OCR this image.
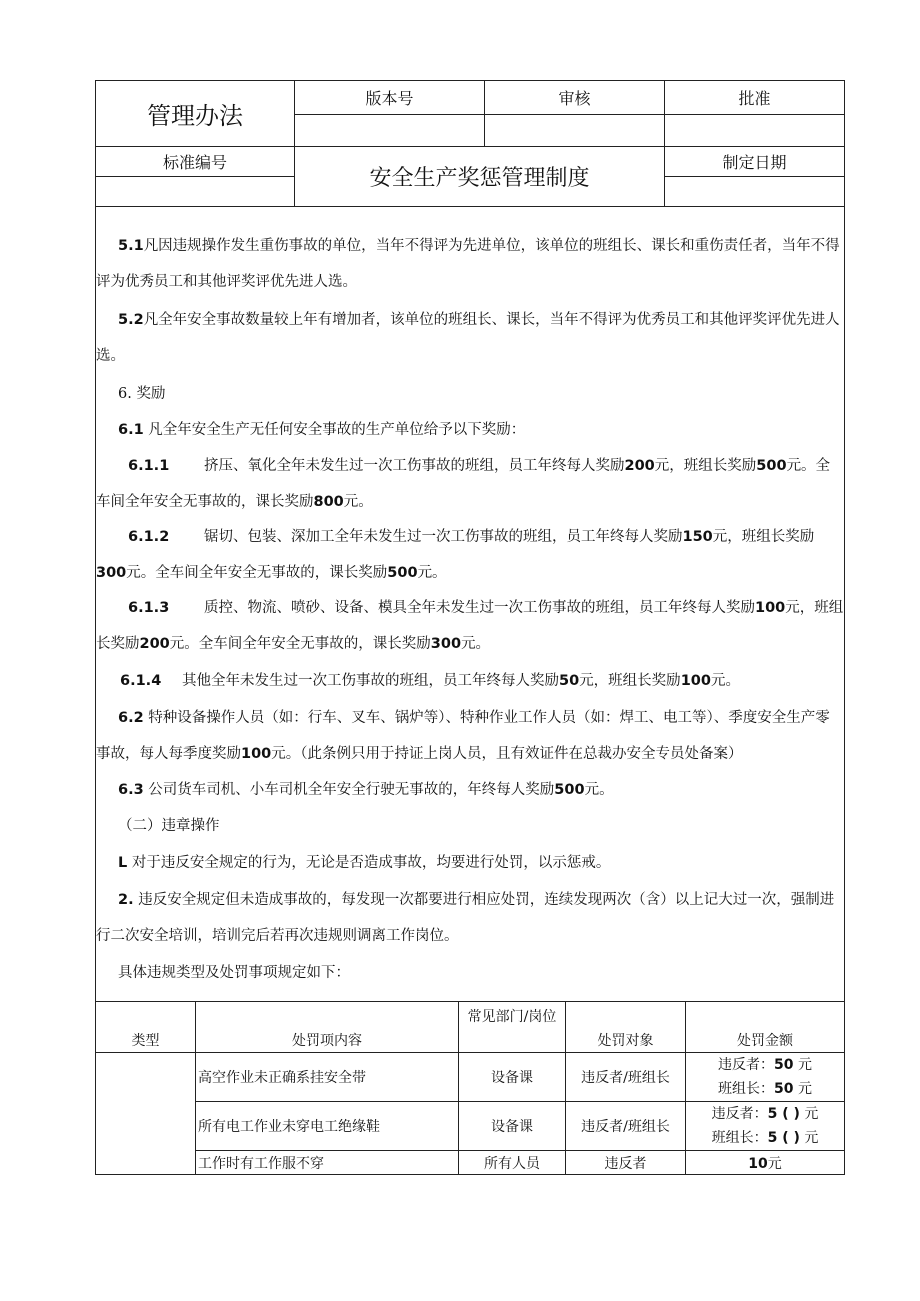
管理办法	版本号	审核	批准

标准编号	安全生产奖惩管理制度		制定日期

5.1凡因违规操作发生重伤事故的单位，当年不得评为先进单位，该单位的班组长、课长和重伤责任者，当年不得评为优秀员工和其他评奖评优先进人选。
5.2凡全年安全事故数量较上年有增加者，该单位的班组长、课长，当年不得评为优秀员工和其他评奖评优先进人选。
6. 奖励
6.1 凡全年安全生产无任何安全事故的生产单位给予以下奖励：
6.1.1 挤压、氧化全年未发生过一次工伤事故的班组，员工年终每人奖励200元，班组长奖励500元。全车间全年安全无事故的，课长奖励800元。
6.1.2 锯切、包装、深加工全年未发生过一次工伤事故的班组，员工年终每人奖励150元，班组长奖励300元。全车间全年安全无事故的，课长奖励500元。
6.1.3 质控、物流、喷砂、设备、模具全年未发生过一次工伤事故的班组，员工年终每人奖励100元，班组长奖励200元。全车间全年安全无事故的，课长奖励300元。
6.1.4 其他全年未发生过一次工伤事故的班组，员工年终每人奖励50元，班组长奖励100元。
6.2 特种设备操作人员（如：行车、叉车、锅炉等）、特种作业工作人员（如：焊工、电工等）、季度安全生产零事故，每人每季度奖励100元。（此条例只用于持证上岗人员，且有效证件在总裁办安全专员处备案）
6.3 公司货车司机、小车司机全年安全行驶无事故的，年终每人奖励500元。
（二）违章操作
L 对于违反安全规定的行为，无论是否造成事故，均要进行处罚，以示惩戒。
2. 违反安全规定但未造成事故的，每发现一次都要进行相应处罚，连续发现两次（含）以上记大过一次，强制进行二次安全培训，培训完后若再次违规则调离工作岗位。
具体违规类型及处罚事项规定如下：
类型	处罚项内容	常见部门/岗位	处罚对象	处罚金额
	高空作业未正确系挂安全带	设备课	违反者/班组长	违反者：50 元
班组长：50 元

	所有电工作业未穿电工绝缘鞋	设备课	违反者/班组长	违反者：5 ( ) 元
班组长：5 ( ) 元

	工作时有工作服不穿	所有人员	违反者	10元
